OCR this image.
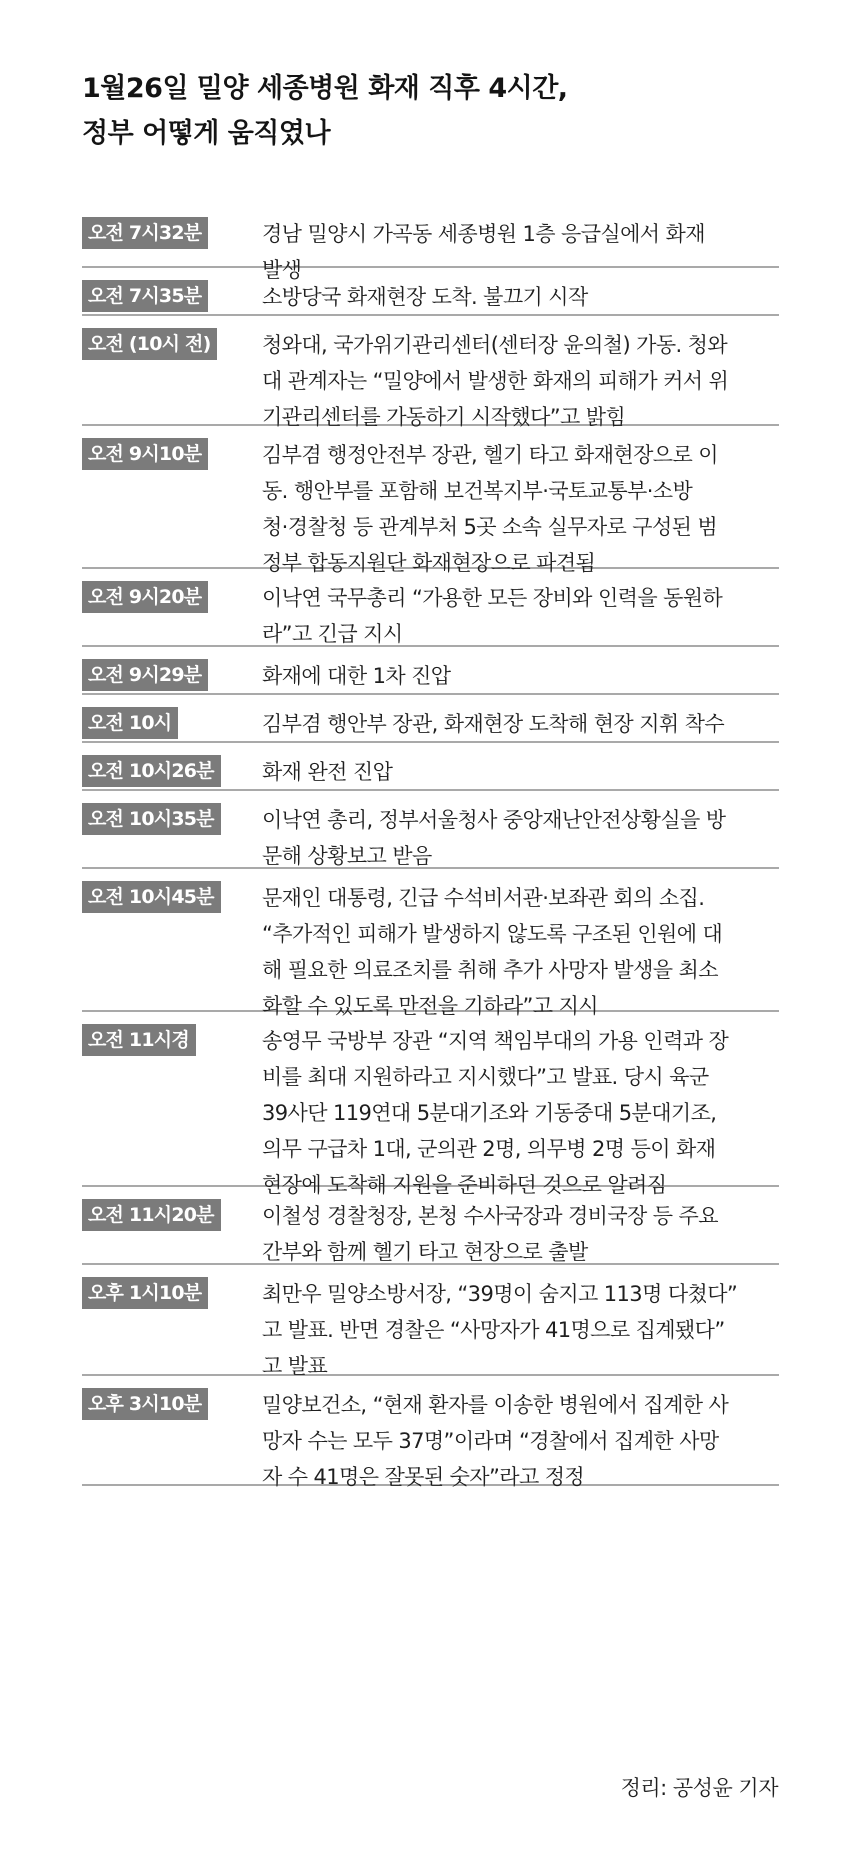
1월26일 밀양 세종병원 화재 직후 4시간,
정부 어떻게 움직였나
오전 7시32분	경남 밀양시 가곡동 세종병원 1층 응급실에서 화재
발생

오전 7시35분	소방당국 화재현장 도착. 불끄기 시작

오전 (10시 전)	청와대, 국가위기관리센터(센터장 윤의철) 가동. 청와
대 관계자는 “밀양에서 발생한 화재의 피해가 커서 위
기관리센터를 가동하기 시작했다”고 밝힘

오전 9시10분	김부겸 행정안전부 장관, 헬기 타고 화재현장으로 이
동. 행안부를 포함해 보건복지부·국토교통부·소방
청·경찰청 등 관계부처 5곳 소속 실무자로 구성된 범
정부 합동지원단 화재현장으로 파견됨

오전 9시20분	이낙연 국무총리 “가용한 모든 장비와 인력을 동원하
라”고 긴급 지시

오전 9시29분	화재에 대한 1차 진압

오전 10시	김부겸 행안부 장관, 화재현장 도착해 현장 지휘 착수

오전 10시26분	화재 완전 진압

오전 10시35분	이낙연 총리, 정부서울청사 중앙재난안전상황실을 방
문해 상황보고 받음

오전 10시45분	문재인 대통령, 긴급 수석비서관·보좌관 회의 소집.
“추가적인 피해가 발생하지 않도록 구조된 인원에 대
해 필요한 의료조치를 취해 추가 사망자 발생을 최소
화할 수 있도록 만전을 기하라”고 지시

오전 11시경	송영무 국방부 장관 “지역 책임부대의 가용 인력과 장
비를 최대 지원하라고 지시했다”고 발표. 당시 육군
39사단 119연대 5분대기조와 기동중대 5분대기조,
의무 구급차 1대, 군의관 2명, 의무병 2명 등이 화재
현장에 도착해 지원을 준비하던 것으로 알려짐

오전 11시20분	이철성 경찰청장, 본청 수사국장과 경비국장 등 주요
간부와 함께 헬기 타고 현장으로 출발

오후 1시10분	최만우 밀양소방서장, “39명이 숨지고 113명 다쳤다”
고 발표. 반면 경찰은 “사망자가 41명으로 집계됐다”
고 발표

오후 3시10분	밀양보건소, “현재 환자를 이송한 병원에서 집계한 사
망자 수는 모두 37명”이라며 “경찰에서 집계한 사망
자 수 41명은 잘못된 숫자”라고 정정

정리: 공성윤 기자
